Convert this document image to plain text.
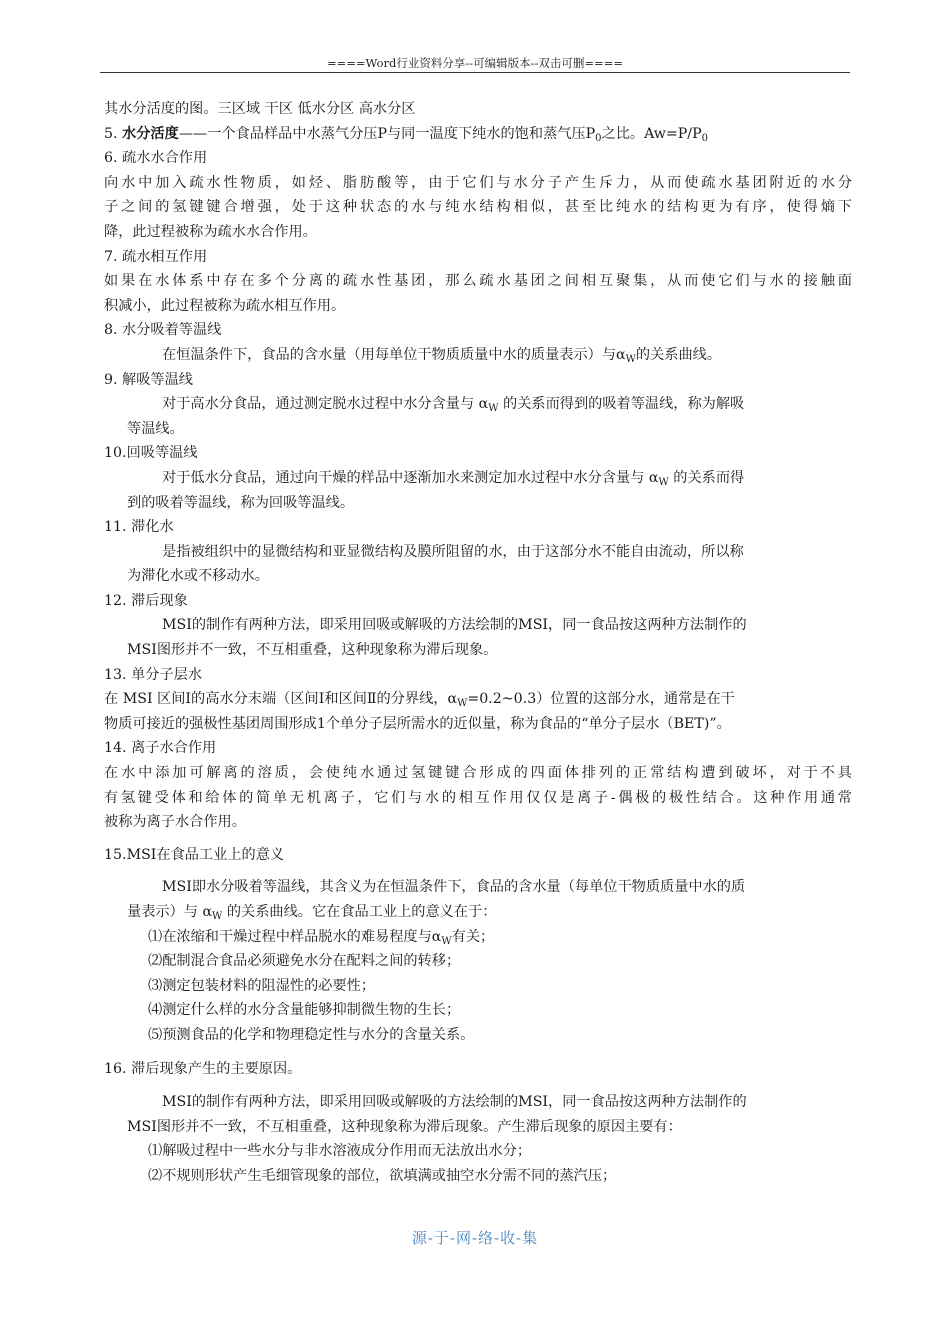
====Word行业资料分享--可编辑版本--双击可删====

其水分活度的图。三区域 干区 低水分区 高水分区

5. 水分活度——一个食品样品中水蒸气分压P与同一温度下纯水的饱和蒸气压$P_0$之比。$Aw=P/P_0$

6. 疏水水合作用

向水中加入疏水性物质，如烃、脂肪酸等，由于它们与水分子产生斥力，从而使疏水基团附近的水分

子之间的氢键键合增强，处于这种状态的水与纯水结构相似，甚至比纯水的结构更为有序，使得熵下

降，此过程被称为疏水水合作用。

7. 疏水相互作用

如果在水体系中存在多个分离的疏水性基团，那么疏水基团之间相互聚集，从而使它们与水的接触面

积减小，此过程被称为疏水相互作用。

8. 水分吸着等温线

在恒温条件下，食品的含水量（用每单位干物质质量中水的质量表示）与$\alpha_W$的关系曲线。

9. 解吸等温线

对于高水分食品，通过测定脱水过程中水分含量与 $\alpha_W$ 的关系而得到的吸着等温线，称为解吸

等温线。

10.回吸等温线

对于低水分食品，通过向干燥的样品中逐渐加水来测定加水过程中水分含量与 $\alpha_W$ 的关系而得

到的吸着等温线，称为回吸等温线。

11. 滞化水

是指被组织中的显微结构和亚显微结构及膜所阻留的水，由于这部分水不能自由流动，所以称

为滞化水或不移动水。

12. 滞后现象

MSI的制作有两种方法，即采用回吸或解吸的方法绘制的MSI，同一食品按这两种方法制作的

MSI图形并不一致，不互相重叠，这种现象称为滞后现象。

13. 单分子层水

在 MSI 区间Ⅰ的高水分末端（区间Ⅰ和区间Ⅱ的分界线，$\alpha_W=0.2\sim 0.3$）位置的这部分水，通常是在干

物质可接近的强极性基团周围形成1个单分子层所需水的近似量，称为食品的“单分子层水（BET)”。

14. 离子水合作用

在水中添加可解离的溶质，会使纯水通过氢键键合形成的四面体排列的正常结构遭到破坏，对于不具

有氢键受体和给体的简单无机离子，它们与水的相互作用仅仅是离子-偶极的极性结合。这种作用通常

被称为离子水合作用。

15.MSI在食品工业上的意义

MSI即水分吸着等温线，其含义为在恒温条件下，食品的含水量（每单位干物质质量中水的质

量表示）与 $\alpha_W$ 的关系曲线。它在食品工业上的意义在于：

⑴在浓缩和干燥过程中样品脱水的难易程度与$\alpha_W$有关；

⑵配制混合食品必须避免水分在配料之间的转移；

⑶测定包装材料的阻湿性的必要性；

⑷测定什么样的水分含量能够抑制微生物的生长；

⑸预测食品的化学和物理稳定性与水分的含量关系。

16. 滞后现象产生的主要原因。

MSI的制作有两种方法，即采用回吸或解吸的方法绘制的MSI，同一食品按这两种方法制作的

MSI图形并不一致，不互相重叠，这种现象称为滞后现象。产生滞后现象的原因主要有：

⑴解吸过程中一些水分与非水溶液成分作用而无法放出水分；

⑵不规则形状产生毛细管现象的部位，欲填满或抽空水分需不同的蒸汽压；

源-于-网-络-收-集
